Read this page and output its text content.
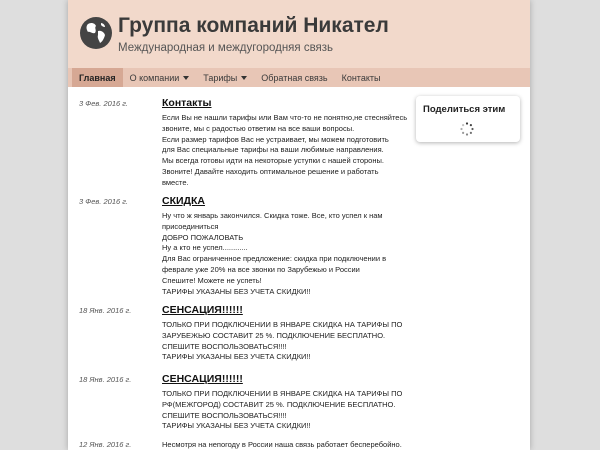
Группа компаний Никател
Международная и междугородняя связь
Главная О компании	Тарифы	Обратная связь Контакты
3 Фев. 2016 г.	Контакты
Если Вы не нашли тарифы или Вам что-то не понятно,не стесняйтесь
звоните, мы с радостью ответим на все ваши вопросы.
Если размер тарифов Вас не устраивает, мы можем подготовить
для Вас специальные тарифы на ваши любимые направления.
Мы всегда готовы идти на некоторые уступки с нашей стороны.
Звоните! Давайте находить оптимальное решение и работать
вместе.
3 Фев. 2016 г.	СКИДКА
Ну что ж январь закончился. Скидка тоже. Все, кто успел к нам
присоединиться
ДОБРО ПОЖАЛОВАТЬ
Ну а кто не успел............
Для Вас ограниченное предложение: скидка при подключении в
феврале уже 20% на все звонки по Зарубежью и России
Спешите! Можете не успеть!
ТАРИФЫ УКАЗАНЫ БЕЗ УЧЕТА СКИДКИ!!
18 Янв. 2016 г.	СЕНСАЦИЯ!!!!!!
ТОЛЬКО ПРИ ПОДКЛЮЧЕНИИ В ЯНВАРЕ СКИДКА НА ТАРИФЫ ПО
ЗАРУБЕЖЬЮ СОСТАВИТ 25 %. ПОДКЛЮЧЕНИЕ БЕСПЛАТНО.
СПЕШИТЕ ВОСПОЛЬЗОВАТЬСЯ!!!!
ТАРИФЫ УКАЗАНЫ БЕЗ УЧЕТА СКИДКИ!!
18 Янв. 2016 г.	СЕНСАЦИЯ!!!!!!
ТОЛЬКО ПРИ ПОДКЛЮЧЕНИИ В ЯНВАРЕ СКИДКА НА ТАРИФЫ ПО
РФ(МЕЖГОРОД) СОСТАВИТ 25 %. ПОДКЛЮЧЕНИЕ БЕСПЛАТНО.
СПЕШИТЕ ВОСПОЛЬЗОВАТЬСЯ!!!!
ТАРИФЫ УКАЗАНЫ БЕЗ УЧЕТА СКИДКИ!!
12 Янв. 2016 г.	Несмотря на непогоду в России наша связь работает бесперебойно.
Поделиться этим
